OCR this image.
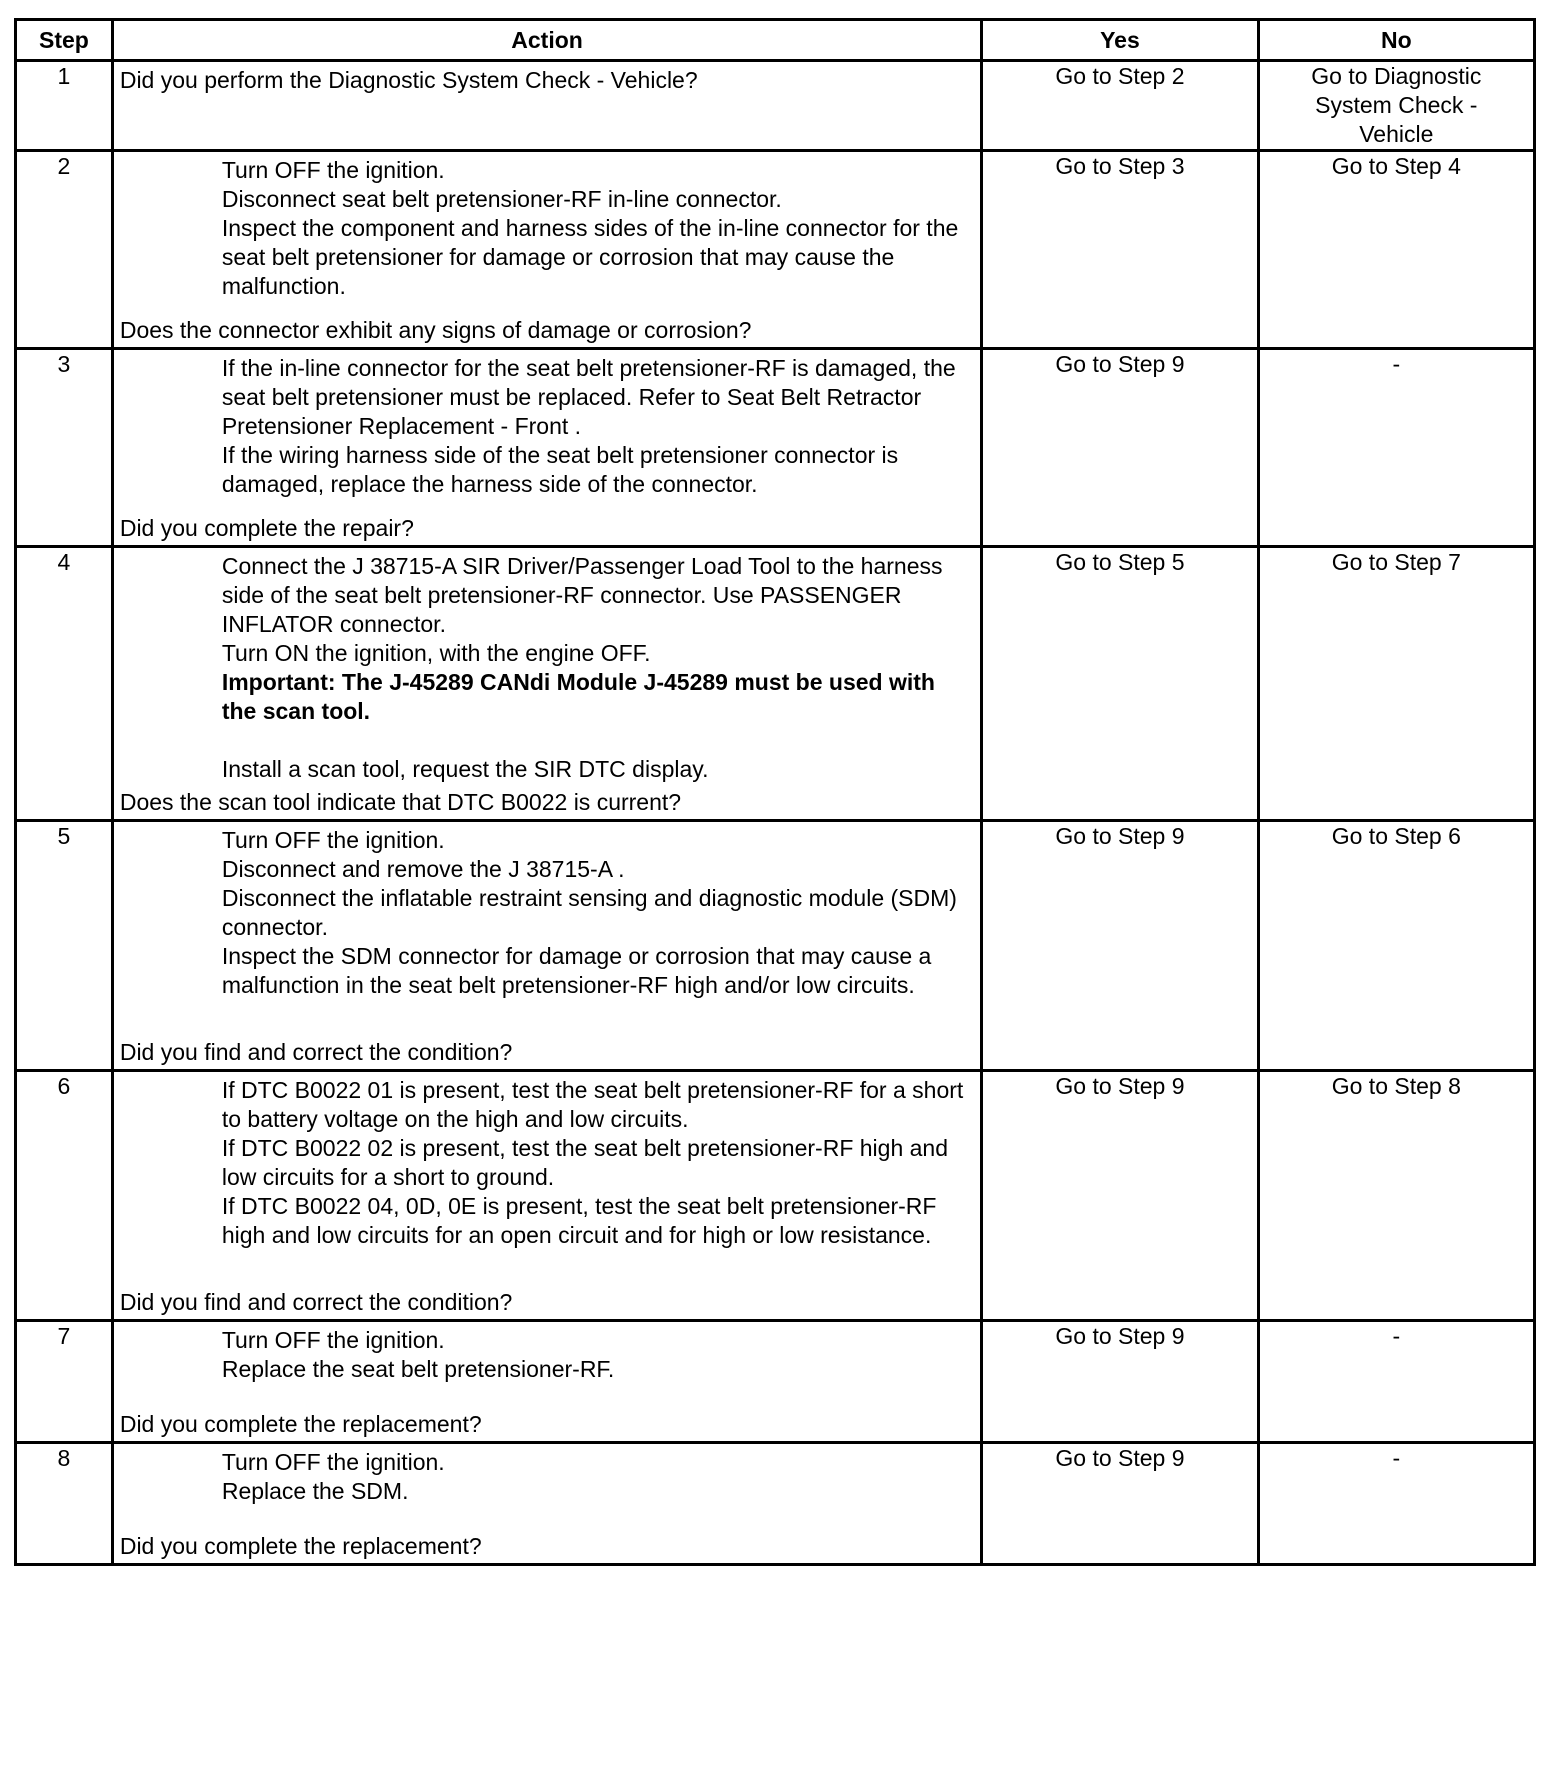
Step	Action	Yes	No
1	Did you perform the Diagnostic System Check - Vehicle?	Go to Step 2	Go to Diagnostic System Check - Vehicle

2	Turn OFF the ignition.
Disconnect seat belt pretensioner-RF in-line connector.
Inspect the component and harness sides of the in-line connector for the seat belt pretensioner for damage or corrosion that may cause the malfunction.
Does the connector exhibit any signs of damage or corrosion?	Go to Step 3	Go to Step 4
3	If the in-line connector for the seat belt pretensioner-RF is damaged, the seat belt pretensioner must be replaced. Refer to Seat Belt Retractor Pretensioner Replacement - Front .
If the wiring harness side of the seat belt pretensioner connector is damaged, replace the harness side of the connector.
Did you complete the repair?	Go to Step 9	-
4	Connect the J 38715-A SIR Driver/Passenger Load Tool to the harness side of the seat belt pretensioner-RF connector. Use PASSENGER INFLATOR connector.
Turn ON the ignition, with the engine OFF.
Important: The J-45289 CANdi Module J-45289 must be used with the scan tool.
Install a scan tool, request the SIR DTC display.
Does the scan tool indicate that DTC B0022 is current?	Go to Step 5	Go to Step 7
5	Turn OFF the ignition.
Disconnect and remove the J 38715-A .
Disconnect the inflatable restraint sensing and diagnostic module (SDM) connector.
Inspect the SDM connector for damage or corrosion that may cause a malfunction in the seat belt pretensioner-RF high and/or low circuits.
Did you find and correct the condition?	Go to Step 9	Go to Step 6
6	If DTC B0022 01 is present, test the seat belt pretensioner-RF for a short to battery voltage on the high and low circuits.
If DTC B0022 02 is present, test the seat belt pretensioner-RF high and low circuits for a short to ground.
If DTC B0022 04, 0D, 0E is present, test the seat belt pretensioner-RF high and low circuits for an open circuit and for high or low resistance.
Did you find and correct the condition?	Go to Step 9	Go to Step 8
7	Turn OFF the ignition.
Replace the seat belt pretensioner-RF.
Did you complete the replacement?	Go to Step 9	-
8	Turn OFF the ignition.
Replace the SDM.
Did you complete the replacement?	Go to Step 9	-
